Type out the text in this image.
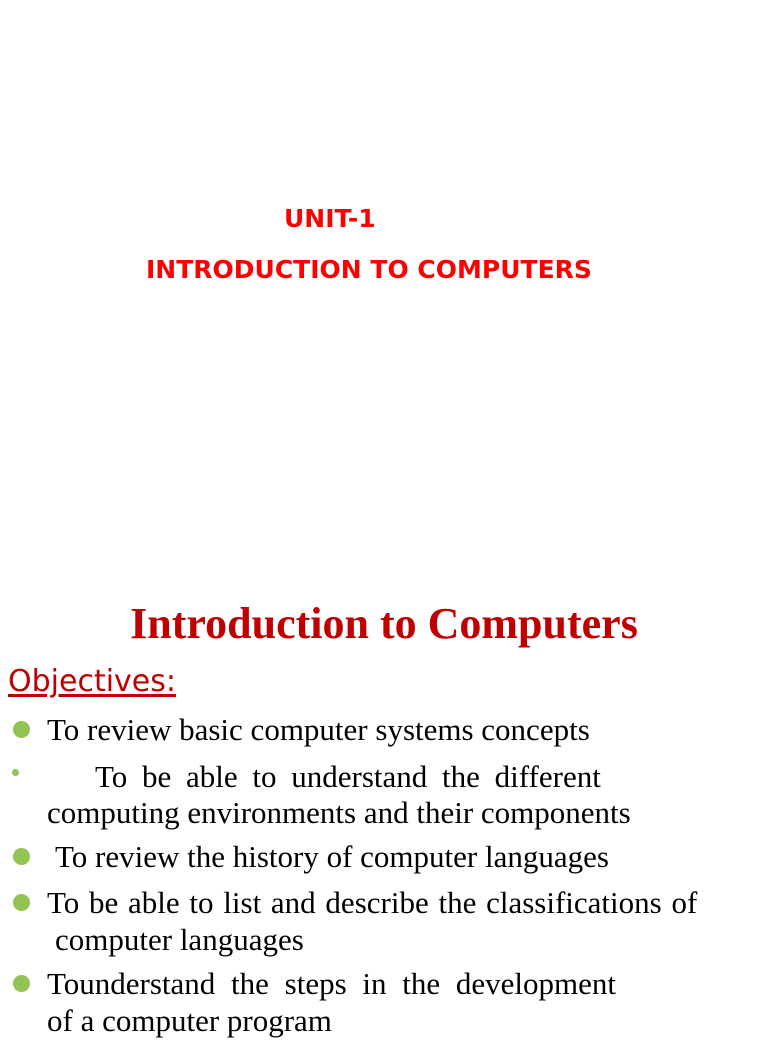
UNIT-1
INTRODUCTION TO COMPUTERS
Introduction to Computers
Objectives:
To review basic computer systems concepts
To be able to understand the different
computing environments and their components
To review the history of computer languages
To be able to list and describe the classifications of
computer languages
Tounderstand the steps in the development
of a computer program
